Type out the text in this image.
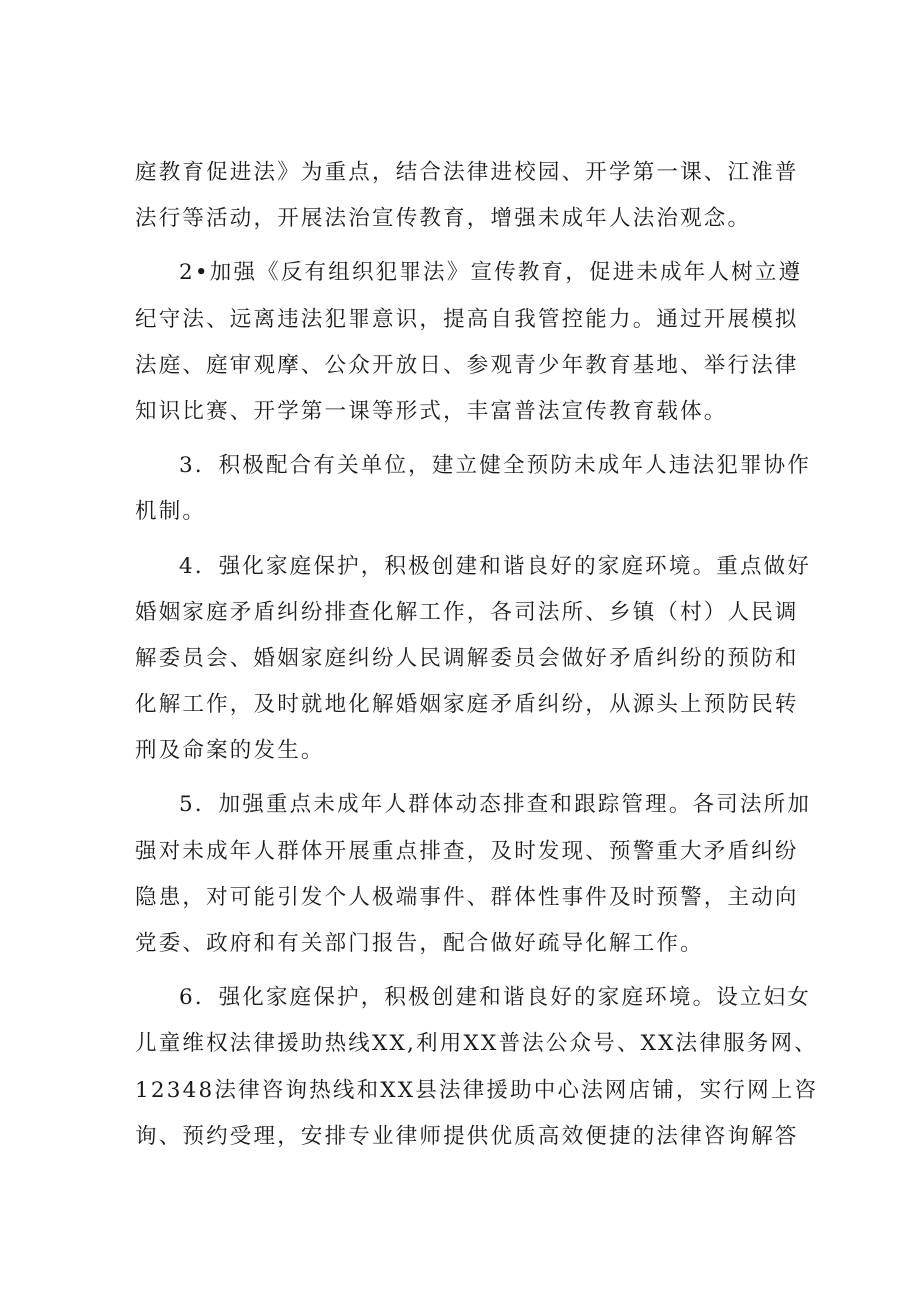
庭教育促进法》为重点，结合法律进校园、开学第一课、江淮普
法行等活动，开展法治宣传教育，增强未成年人法治观念。
2•加强《反有组织犯罪法》宣传教育，促进未成年人树立遵
纪守法、远离违法犯罪意识，提高自我管控能力。通过开展模拟
法庭、庭审观摩、公众开放日、参观青少年教育基地、举行法律
知识比赛、开学第一课等形式，丰富普法宣传教育载体。
3．积极配合有关单位，建立健全预防未成年人违法犯罪协作
机制。
4．强化家庭保护，积极创建和谐良好的家庭环境。重点做好
婚姻家庭矛盾纠纷排查化解工作，各司法所、乡镇（村）人民调
解委员会、婚姻家庭纠纷人民调解委员会做好矛盾纠纷的预防和
化解工作，及时就地化解婚姻家庭矛盾纠纷，从源头上预防民转
刑及命案的发生。
5．加强重点未成年人群体动态排查和跟踪管理。各司法所加
强对未成年人群体开展重点排查，及时发现、预警重大矛盾纠纷
隐患，对可能引发个人极端事件、群体性事件及时预警，主动向
党委、政府和有关部门报告，配合做好疏导化解工作。
6．强化家庭保护，积极创建和谐良好的家庭环境。设立妇女
儿童维权法律援助热线XX,利用XX普法公众号、XX法律服务网、
12348法律咨询热线和XX县法律援助中心法网店铺，实行网上咨
询、预约受理，安排专业律师提供优质高效便捷的法律咨询解答
